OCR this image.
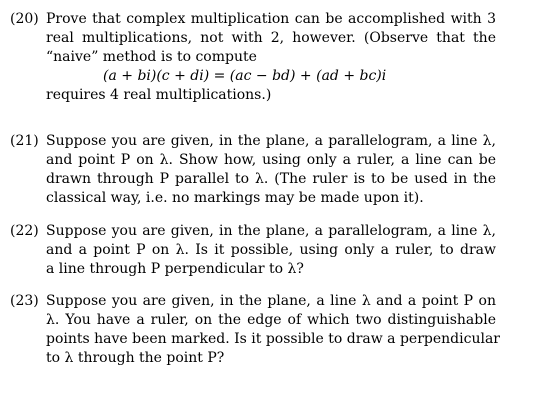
(20) Prove that complex multiplication can be accomplished with 3
real multiplications, not with 2, however. (Observe that the
“naive” method is to compute
(a + bi)(c + di) = (ac − bd) + (ad + bc)i
requires 4 real multiplications.)
(21) Suppose you are given, in the plane, a parallelogram, a line λ,
and point P on λ. Show how, using only a ruler, a line can be
drawn through P parallel to λ. (The ruler is to be used in the
classical way, i.e. no markings may be made upon it).
(22) Suppose you are given, in the plane, a parallelogram, a line λ,
and a point P on λ. Is it possible, using only a ruler, to draw
a line through P perpendicular to λ?
(23) Suppose you are given, in the plane, a line λ and a point P on
λ. You have a ruler, on the edge of which two distinguishable
points have been marked. Is it possible to draw a perpendicular
to λ through the point P?
